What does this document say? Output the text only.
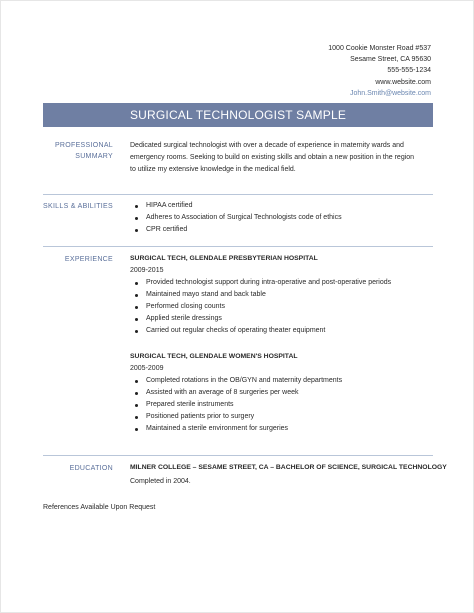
1000 Cookie Monster Road #537
Sesame Street, CA 95630
555-555-1234
www.website.com
John.Smith@website.com
SURGICAL TECHNOLOGIST SAMPLE
PROFESSIONAL
SUMMARY
Dedicated surgical technologist with over a decade of experience in maternity wards and emergency rooms. Seeking to build on existing skills and obtain a new position in the region to utilize my extensive knowledge in the medical field.
SKILLS & ABILITIES	HIPAA certified
Adheres to Association of Surgical Technologists code of ethics
CPR certified
EXPERIENCE	SURGICAL TECH, GLENDALE PRESBYTERIAN HOSPITAL
2009-2015
Provided technologist support during intra-operative and post-operative periods
Maintained mayo stand and back table
Performed closing counts
Applied sterile dressings
Carried out regular checks of operating theater equipment
SURGICAL TECH, GLENDALE WOMEN'S HOSPITAL
2005-2009
Completed rotations in the OB/GYN and maternity departments
Assisted with an average of 8 surgeries per week
Prepared sterile instruments
Positioned patients prior to surgery
Maintained a sterile environment for surgeries
EDUCATION	MILNER COLLEGE – SESAME STREET, CA – BACHELOR OF SCIENCE, SURGICAL TECHNOLOGY
Completed in 2004.
References Available Upon Request
